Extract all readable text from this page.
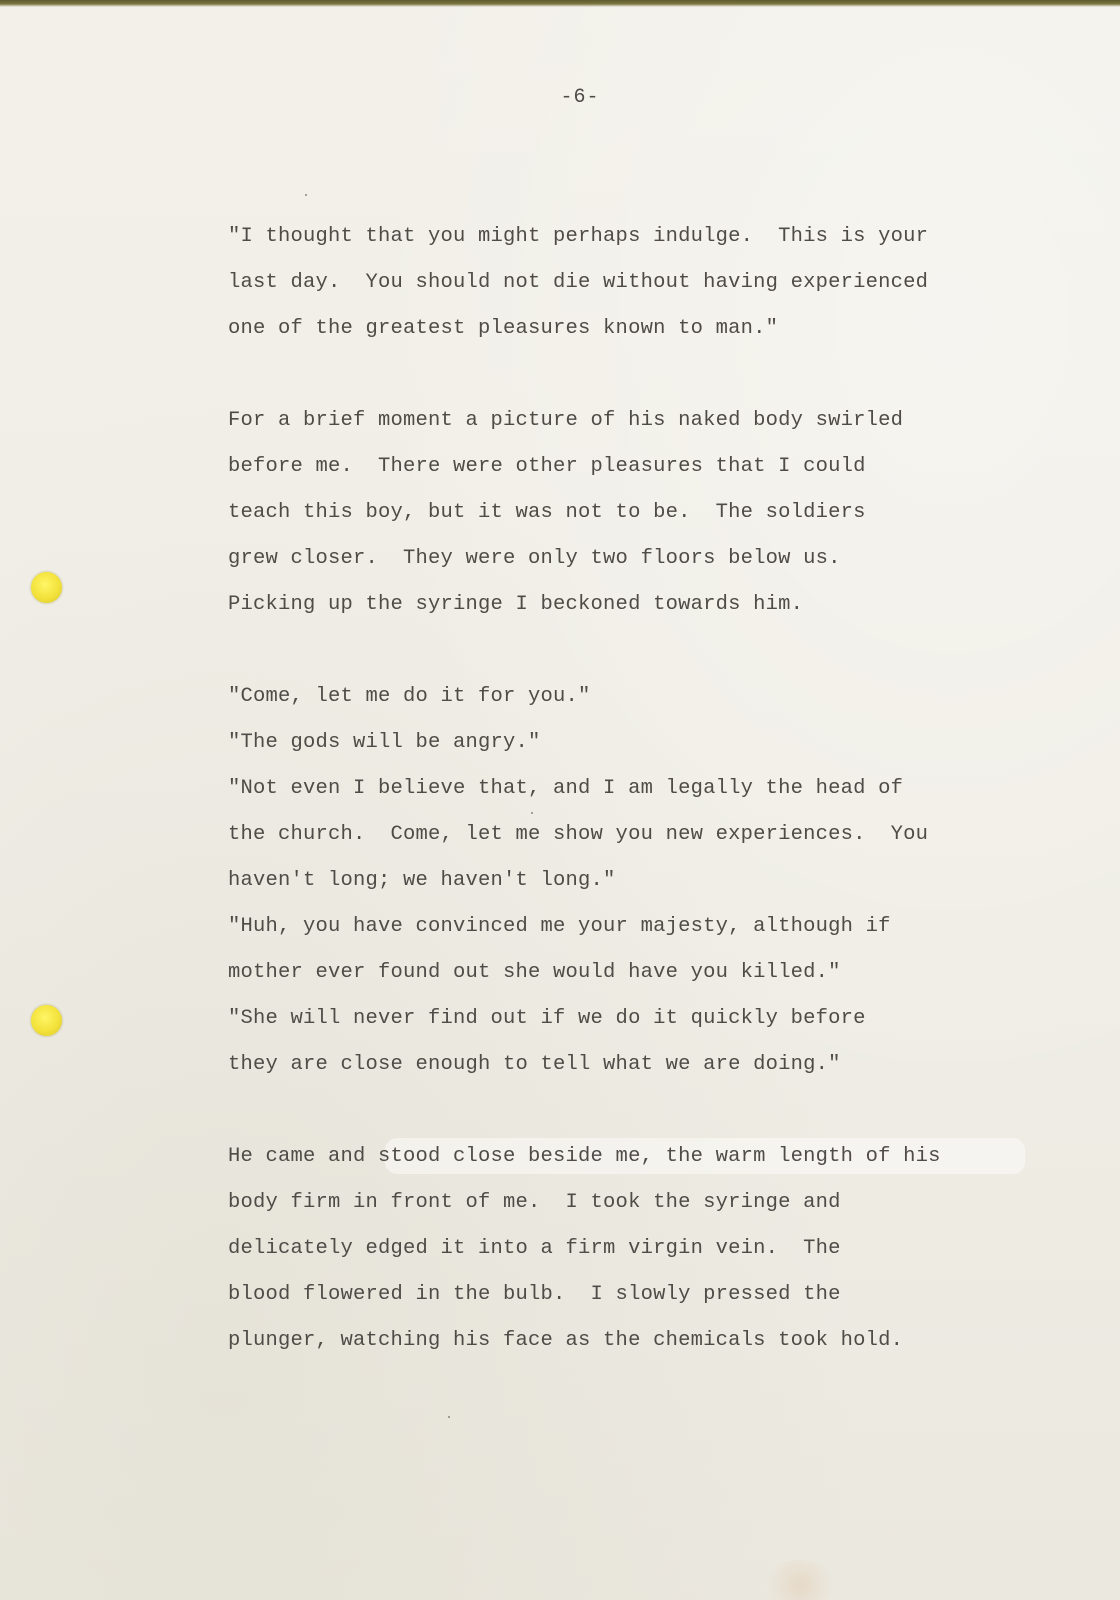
-6-
"I thought that you might perhaps indulge.  This is your
last day.  You should not die without having experienced
one of the greatest pleasures known to man."
For a brief moment a picture of his naked body swirled
before me.  There were other pleasures that I could
teach this boy, but it was not to be.  The soldiers
grew closer.  They were only two floors below us.
Picking up the syringe I beckoned towards him.
"Come, let me do it for you."
"The gods will be angry."
"Not even I believe that, and I am legally the head of
the church.  Come, let me show you new experiences.  You
haven't long; we haven't long."
"Huh, you have convinced me your majesty, although if
mother ever found out she would have you killed."
"She will never find out if we do it quickly before
they are close enough to tell what we are doing."
He came and stood close beside me, the warm length of his
body firm in front of me.  I took the syringe and
delicately edged it into a firm virgin vein.  The
blood flowered in the bulb.  I slowly pressed the
plunger, watching his face as the chemicals took hold.
